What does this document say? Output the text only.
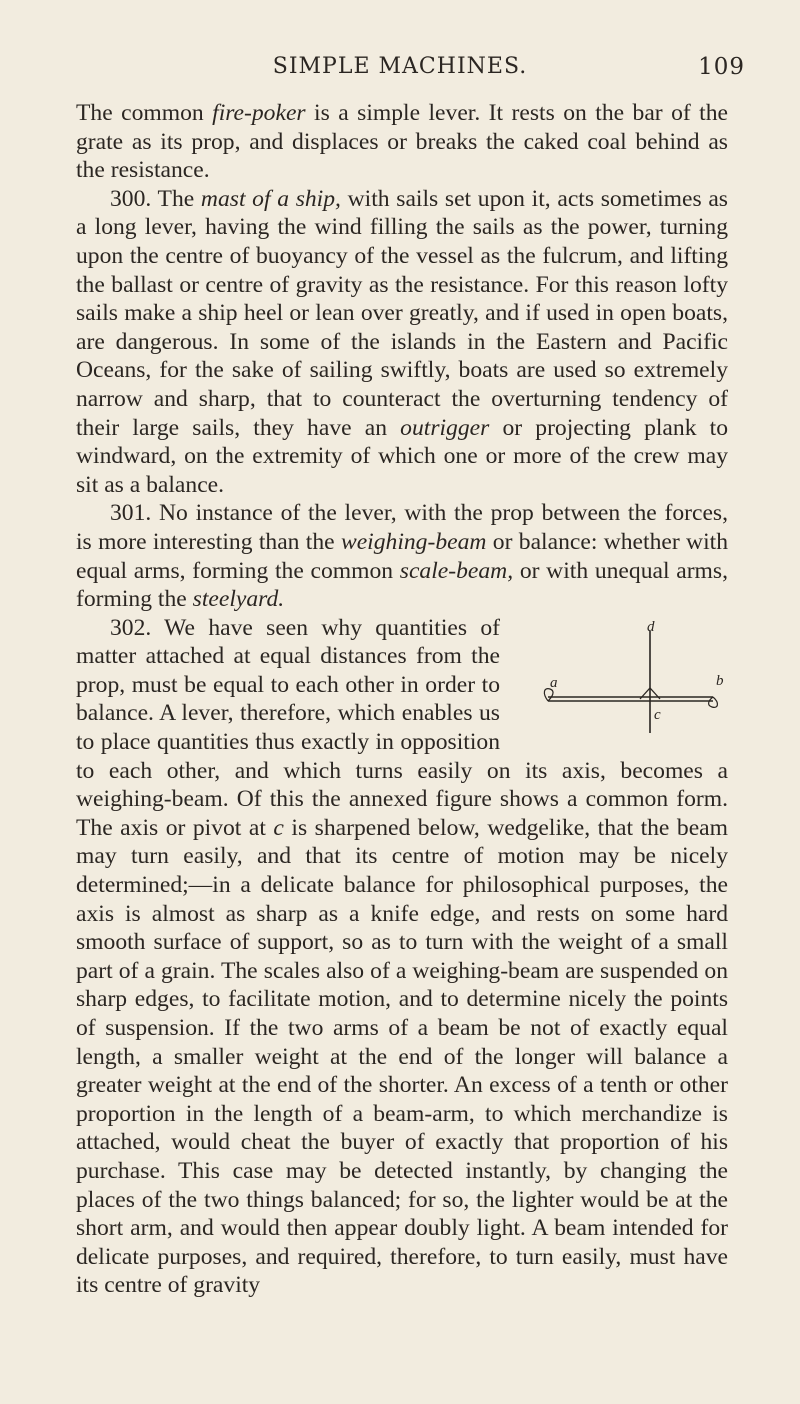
SIMPLE MACHINES.	109

The common fire-poker is a simple lever. It rests on the bar of the grate as its prop, and displaces or breaks the caked coal behind as the resistance.

300. The mast of a ship, with sails set upon it, acts sometimes as a long lever, having the wind filling the sails as the power, turning upon the centre of buoyancy of the vessel as the fulcrum, and lifting the ballast or centre of gravity as the resistance. For this reason lofty sails make a ship heel or lean over greatly, and if used in open boats, are dangerous. In some of the islands in the Eastern and Pacific Oceans, for the sake of sailing swiftly, boats are used so extremely narrow and sharp, that to counteract the overturning tendency of their large sails, they have an outrigger or projecting plank to windward, on the extremity of which one or more of the crew may sit as a balance.

301. No instance of the lever, with the prop between the forces, is more interesting than the weighing-beam or balance: whether with equal arms, forming the common scale-beam, or with unequal arms, forming the steelyard.

d
a	b
c
302. We have seen why quantities of matter attached at equal distances from the prop, must be equal to each other in order to balance. A lever, therefore, which enables us to place quantities thus exactly in opposition to each other, and which turns easily on its axis, becomes a weighing-beam. Of this the annexed figure shows a common form. The axis or pivot at c is sharpened below, wedgelike, that the beam may turn easily, and that its centre of motion may be nicely determined;—in a delicate balance for philosophical purposes, the axis is almost as sharp as a knife edge, and rests on some hard smooth surface of support, so as to turn with the weight of a small part of a grain. The scales also of a weighing-beam are suspended on sharp edges, to facilitate motion, and to determine nicely the points of suspension. If the two arms of a beam be not of exactly equal length, a smaller weight at the end of the longer will balance a greater weight at the end of the shorter. An excess of a tenth or other proportion in the length of a beam-arm, to which merchandize is attached, would cheat the buyer of exactly that proportion of his purchase. This case may be detected instantly, by changing the places of the two things balanced; for so, the lighter would be at the short arm, and would then appear doubly light. A beam intended for delicate purposes, and required, therefore, to turn easily, must have its centre of gravity
